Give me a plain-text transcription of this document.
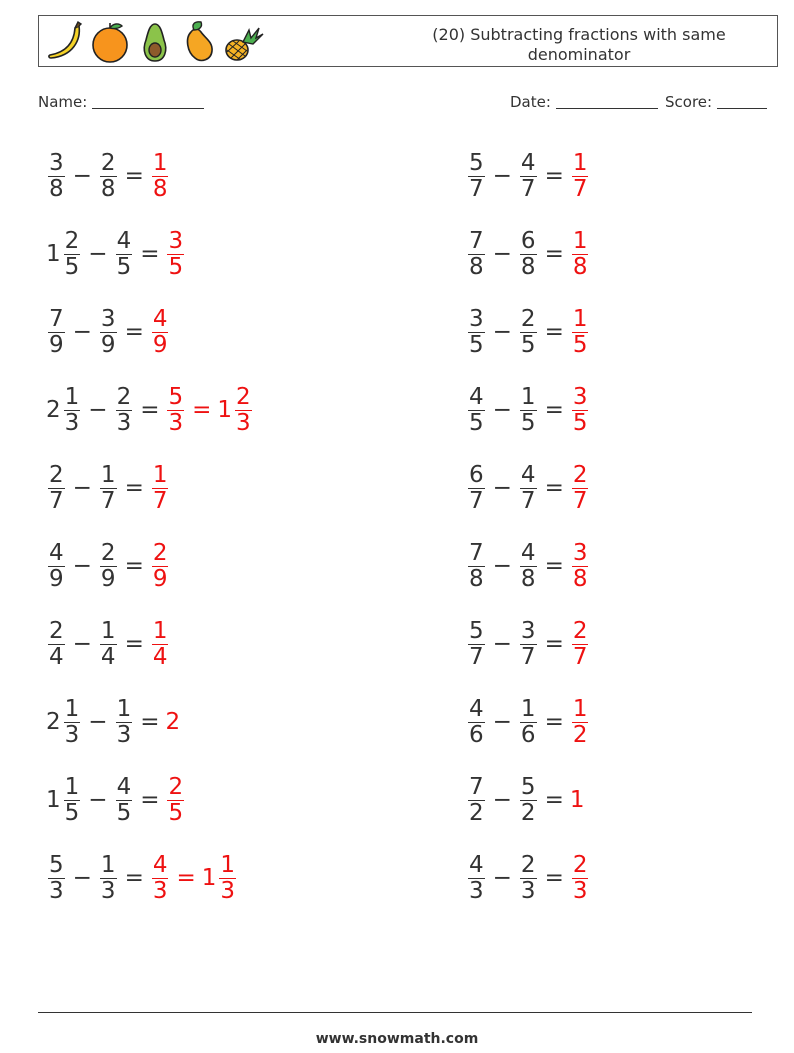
(20) Subtracting fractions with same
denominator
Name:	Date:	Score:
$\frac{3}{8} - \frac{2}{8} = \frac{1}{8}$
$1 \frac{2}{5} - \frac{4}{5} = \frac{3}{5}$
$\frac{7}{9} - \frac{3}{9} = \frac{4}{9}$
$2 \frac{1}{3} - \frac{2}{3} = \frac{5}{3} = 1 \frac{2}{3}$
$\frac{2}{7} - \frac{1}{7} = \frac{1}{7}$
$\frac{4}{9} - \frac{2}{9} = \frac{2}{9}$
$\frac{2}{4} - \frac{1}{4} = \frac{1}{4}$
$2 \frac{1}{3} - \frac{1}{3} = 2$
$1 \frac{1}{5} - \frac{4}{5} = \frac{2}{5}$
$\frac{5}{3} - \frac{1}{3} = \frac{4}{3} = 1 \frac{1}{3}$
$\frac{5}{7} - \frac{4}{7} = \frac{1}{7}$
$\frac{7}{8} - \frac{6}{8} = \frac{1}{8}$
$\frac{3}{5} - \frac{2}{5} = \frac{1}{5}$
$\frac{4}{5} - \frac{1}{5} = \frac{3}{5}$
$\frac{6}{7} - \frac{4}{7} = \frac{2}{7}$
$\frac{7}{8} - \frac{4}{8} = \frac{3}{8}$
$\frac{5}{7} - \frac{3}{7} = \frac{2}{7}$
$\frac{4}{6} - \frac{1}{6} = \frac{1}{2}$
$\frac{7}{2} - \frac{5}{2} = 1$
$\frac{4}{3} - \frac{2}{3} = \frac{2}{3}$
www.snowmath.com
